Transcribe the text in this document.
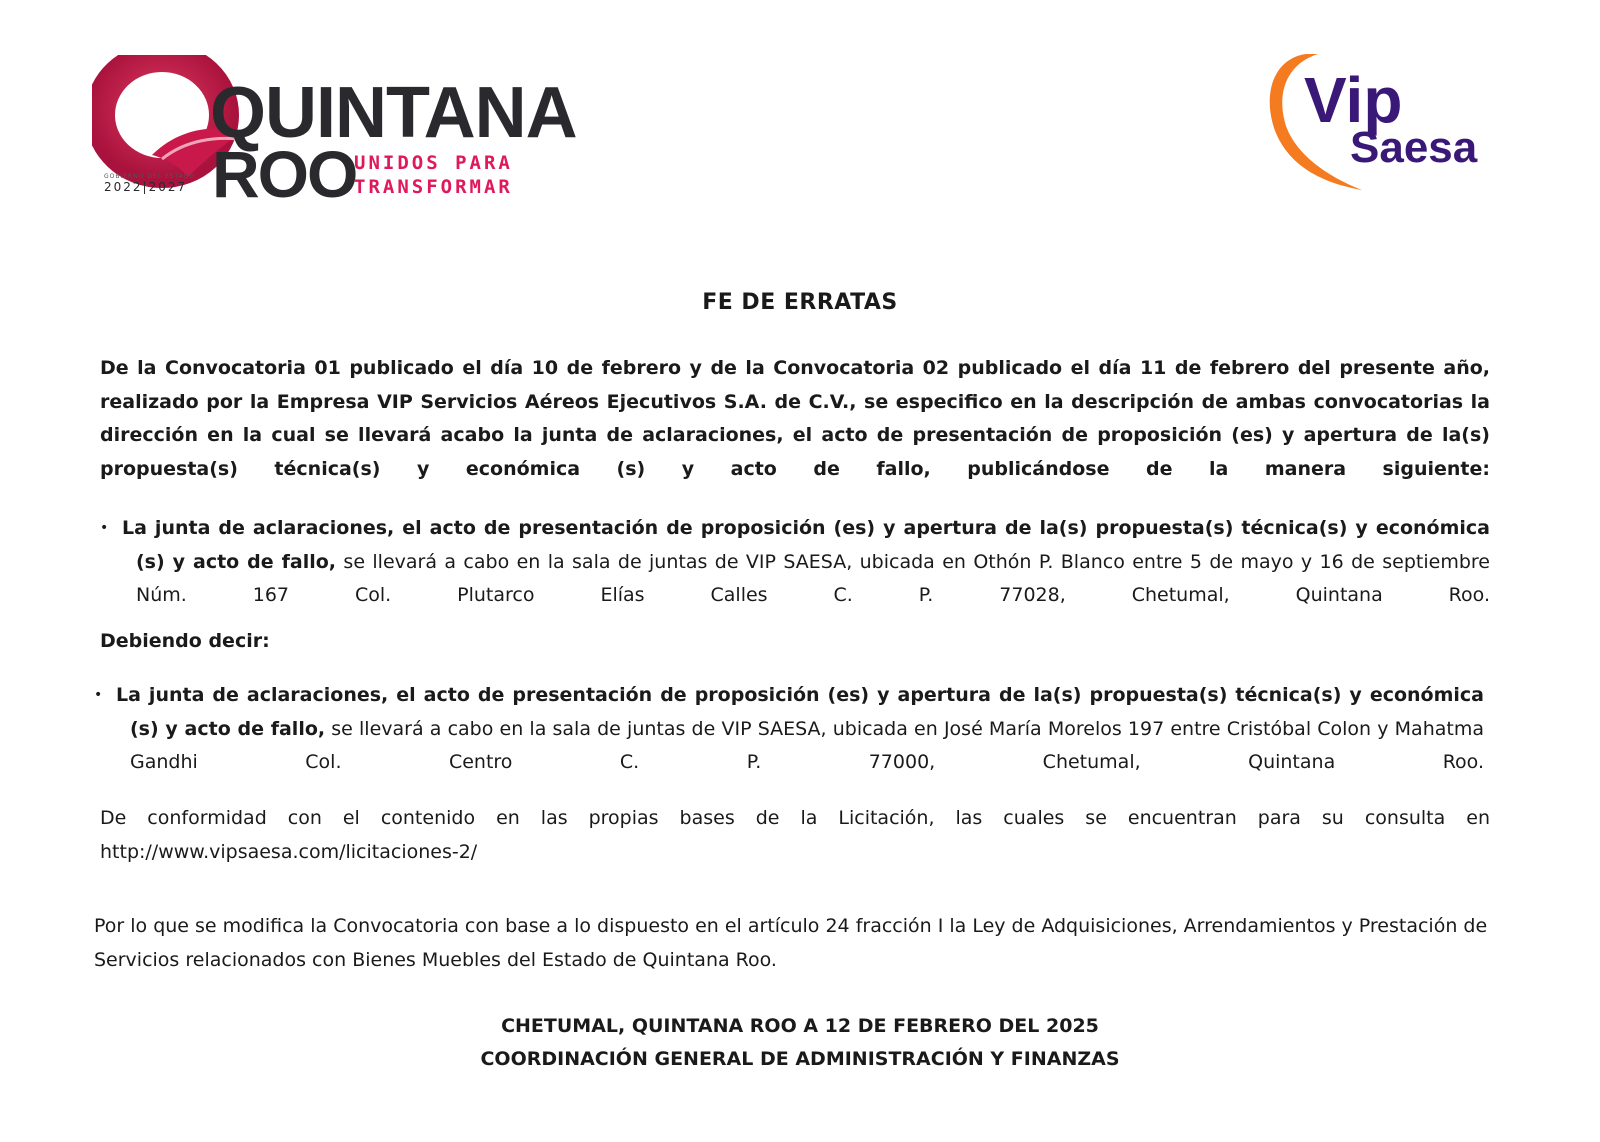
QUINTANA
ROO
UNIDOS PARA
TRANSFORMAR
GOBIERNO DEL ESTADO
2022|2027
Vip
Saesa
FE DE ERRATAS
De la Convocatoria 01 publicado el día 10 de febrero y de la Convocatoria 02 publicado el día 11 de febrero del presente año, realizado por la Empresa VIP Servicios Aéreos Ejecutivos S.A. de C.V., se especifico en la descripción de ambas convocatorias la dirección en la cual se llevará acabo la junta de aclaraciones, el acto de presentación de proposición (es) y apertura de la(s) propuesta(s) técnica(s) y económica (s) y acto de fallo, publicándose de la manera siguiente:
• La junta de aclaraciones, el acto de presentación de proposición (es) y apertura de la(s) propuesta(s) técnica(s) y económica (s) y acto de fallo, se llevará a cabo en la sala de juntas de VIP SAESA, ubicada en Othón P. Blanco entre 5 de mayo y 16 de septiembre Núm. 167 Col. Plutarco Elías Calles C. P. 77028, Chetumal, Quintana Roo.
Debiendo decir:
• La junta de aclaraciones, el acto de presentación de proposición (es) y apertura de la(s) propuesta(s) técnica(s) y económica (s) y acto de fallo, se llevará a cabo en la sala de juntas de VIP SAESA, ubicada en José María Morelos 197 entre Cristóbal Colon y Mahatma Gandhi Col. Centro C. P. 77000, Chetumal, Quintana Roo.
De conformidad con el contenido en las propias bases de la Licitación, las cuales se encuentran para su consulta en
http://www.vipsaesa.com/licitaciones-2/
Por lo que se modifica la Convocatoria con base a lo dispuesto en el artículo 24 fracción I la Ley de Adquisiciones, Arrendamientos y Prestación de Servicios relacionados con Bienes Muebles del Estado de Quintana Roo.
CHETUMAL, QUINTANA ROO A 12 DE FEBRERO DEL 2025
COORDINACIÓN GENERAL DE ADMINISTRACIÓN Y FINANZAS
